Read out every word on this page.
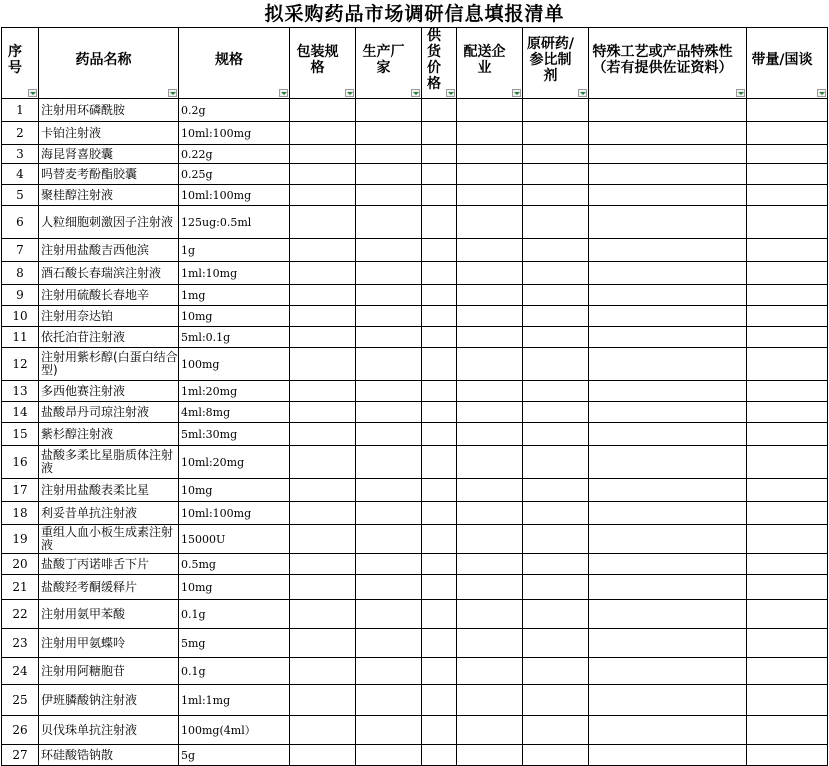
拟采购药品市场调研信息填报清单
序号	药品名称	规格	包装规格	生产厂家	供货价格	配送企业	原研药/参比制剂	特殊工艺或产品特殊性（若有提供佐证资料）	带量/国谈

1	注射用环磷酰胺	0.2g							
2	卡铂注射液	10ml:100mg							
3	海昆肾喜胶囊	0.22g							
4	吗替麦考酚酯胶囊	0.25g							
5	聚桂醇注射液	10ml:100mg							
6	人粒细胞刺激因子注射液	125ug:0.5ml							
7	注射用盐酸吉西他滨	1g							
8	酒石酸长春瑞滨注射液	1ml:10mg							
9	注射用硫酸长春地辛	1mg							
10	注射用奈达铂	10mg							
11	依托泊苷注射液	5ml:0.1g							
12	注射用紫杉醇(白蛋白结合型)	100mg							
13	多西他赛注射液	1ml:20mg							
14	盐酸昂丹司琼注射液	4ml:8mg							
15	紫杉醇注射液	5ml:30mg							
16	盐酸多柔比星脂质体注射液	10ml:20mg							
17	注射用盐酸表柔比星	10mg							
18	利妥昔单抗注射液	10ml:100mg							
19	重组人血小板生成素注射液	15000U							
20	盐酸丁丙诺啡舌下片	0.5mg							
21	盐酸羟考酮缓释片	10mg							
22	注射用氨甲苯酸	0.1g							
23	注射用甲氨蝶呤	5mg							
24	注射用阿糖胞苷	0.1g							
25	伊班膦酸钠注射液	1ml:1mg							
26	贝伐珠单抗注射液	100mg(4ml）							
27	环硅酸锆钠散	5g							
